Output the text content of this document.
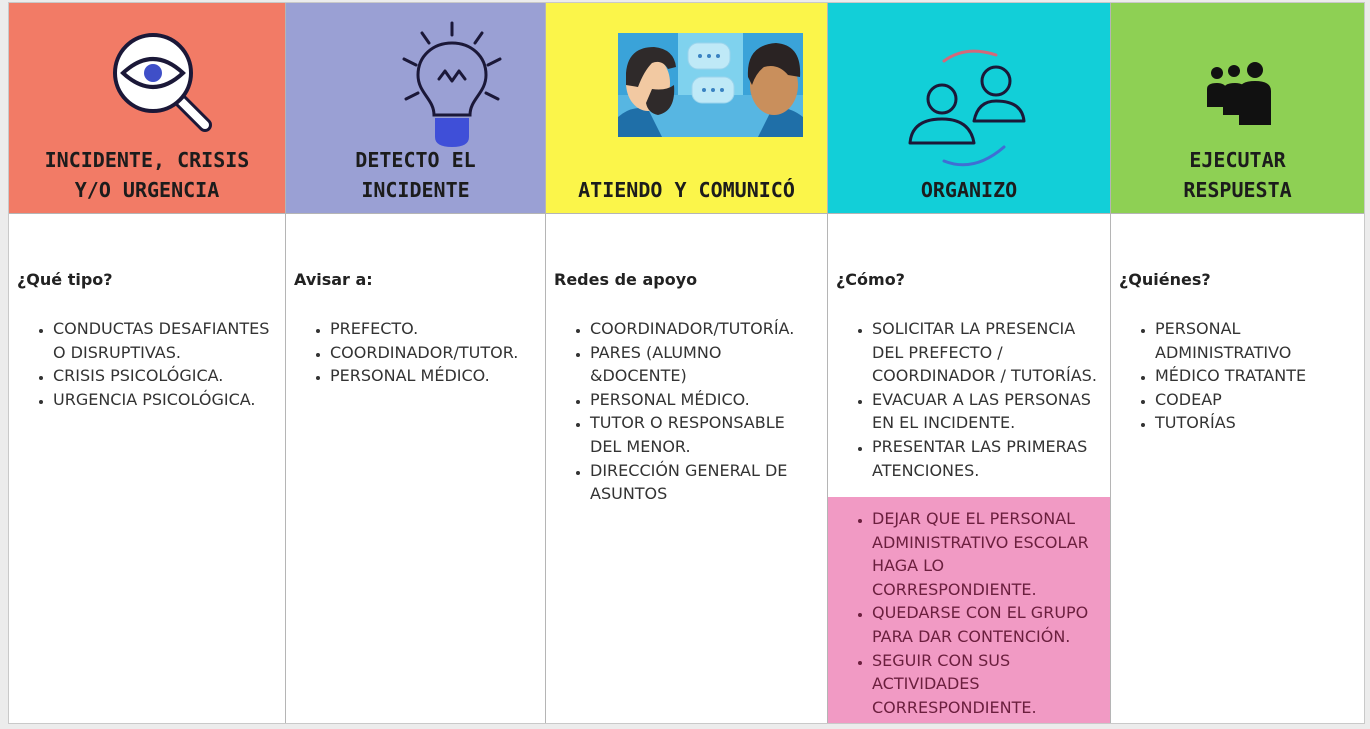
INCIDENTE, CRISIS
Y/O URGENCIA
¿Qué tipo?
• CONDUCTAS DESAFIANTES O DISRUPTIVAS.
• CRISIS PSICOLÓGICA.
• URGENCIA PSICOLÓGICA.
DETECTO EL
INCIDENTE
Avisar a:
• PREFECTO.
• COORDINADOR/TUTOR.
• PERSONAL MÉDICO.
ATIENDO Y COMUNICÓ
Redes de apoyo
• COORDINADOR/TUTORÍA.
• PARES (ALUMNO &DOCENTE)
• PERSONAL MÉDICO.
• TUTOR O RESPONSABLE DEL MENOR.
• DIRECCIÓN GENERAL DE ASUNTOS
ORGANIZO
¿Cómo?
• SOLICITAR LA PRESENCIA DEL PREFECTO / COORDINADOR / TUTORÍAS.
• EVACUAR A LAS PERSONAS EN EL INCIDENTE.
• PRESENTAR LAS PRIMERAS ATENCIONES.
• DEJAR QUE EL PERSONAL ADMINISTRATIVO ESCOLAR HAGA LO CORRESPONDIENTE.
• QUEDARSE CON EL GRUPO PARA DAR CONTENCIÓN.
• SEGUIR CON SUS ACTIVIDADES CORRESPONDIENTE.
EJECUTAR
RESPUESTA
¿Quiénes?
• PERSONAL ADMINISTRATIVO
• MÉDICO TRATANTE
• CODEAP
• TUTORÍAS
